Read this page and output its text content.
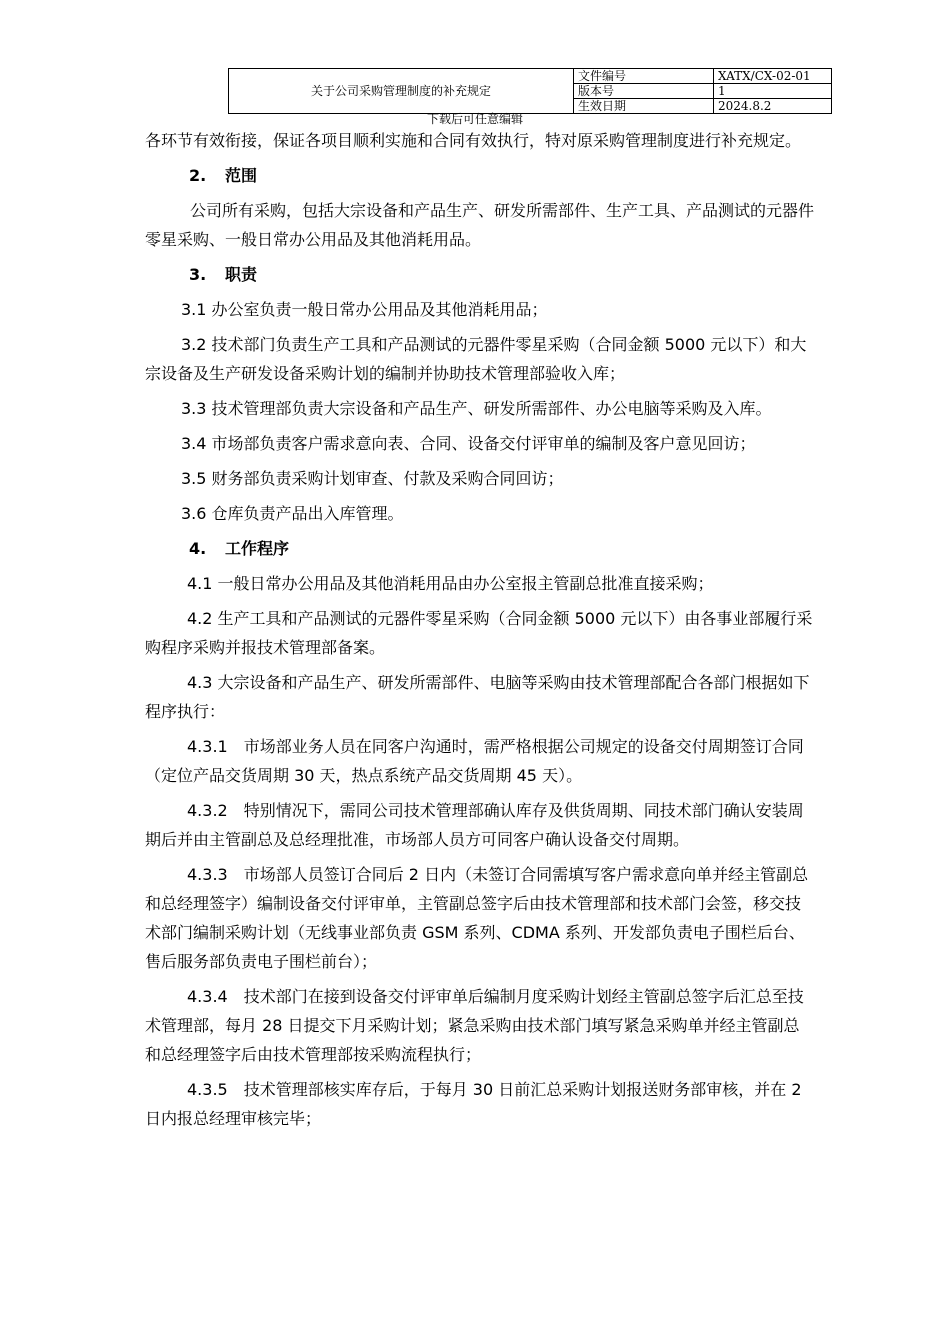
关于公司采购管理制度的补充规定	文件编号	XATX/CX-02-01
	版本号	1
	生效日期	2024.8.2
下载后可任意编辑

各环节有效衔接，保证各项目顺利实施和合同有效执行，特对原采购管理制度进行补充规定。

2. 范围

公司所有采购，包括大宗设备和产品生产、研发所需部件、生产工具、产品测试的元器件零星采购、一般日常办公用品及其他消耗用品。

3. 职责

3.1 办公室负责一般日常办公用品及其他消耗用品；

3.2 技术部门负责生产工具和产品测试的元器件零星采购（合同金额 5000 元以下）和大宗设备及生产研发设备采购计划的编制并协助技术管理部验收入库；

3.3 技术管理部负责大宗设备和产品生产、研发所需部件、办公电脑等采购及入库。

3.4 市场部负责客户需求意向表、合同、设备交付评审单的编制及客户意见回访；

3.5 财务部负责采购计划审查、付款及采购合同回访；

3.6 仓库负责产品出入库管理。

4. 工作程序

4.1 一般日常办公用品及其他消耗用品由办公室报主管副总批准直接采购；

4.2 生产工具和产品测试的元器件零星采购（合同金额 5000 元以下）由各事业部履行采购程序采购并报技术管理部备案。

4.3 大宗设备和产品生产、研发所需部件、电脑等采购由技术管理部配合各部门根据如下程序执行：

4.3.1　市场部业务人员在同客户沟通时，需严格根据公司规定的设备交付周期签订合同（定位产品交货周期 30 天，热点系统产品交货周期 45 天）。

4.3.2　特别情况下，需同公司技术管理部确认库存及供货周期、同技术部门确认安装周期后并由主管副总及总经理批准，市场部人员方可同客户确认设备交付周期。

4.3.3　市场部人员签订合同后 2 日内（未签订合同需填写客户需求意向单并经主管副总和总经理签字）编制设备交付评审单，主管副总签字后由技术管理部和技术部门会签，移交技术部门编制采购计划（无线事业部负责 GSM 系列、CDMA 系列、开发部负责电子围栏后台、售后服务部负责电子围栏前台）；

4.3.4　技术部门在接到设备交付评审单后编制月度采购计划经主管副总签字后汇总至技术管理部，每月 28 日提交下月采购计划；紧急采购由技术部门填写紧急采购单并经主管副总和总经理签字后由技术管理部按采购流程执行；

4.3.5　技术管理部核实库存后，于每月 30 日前汇总采购计划报送财务部审核，并在 2 日内报总经理审核完毕；
